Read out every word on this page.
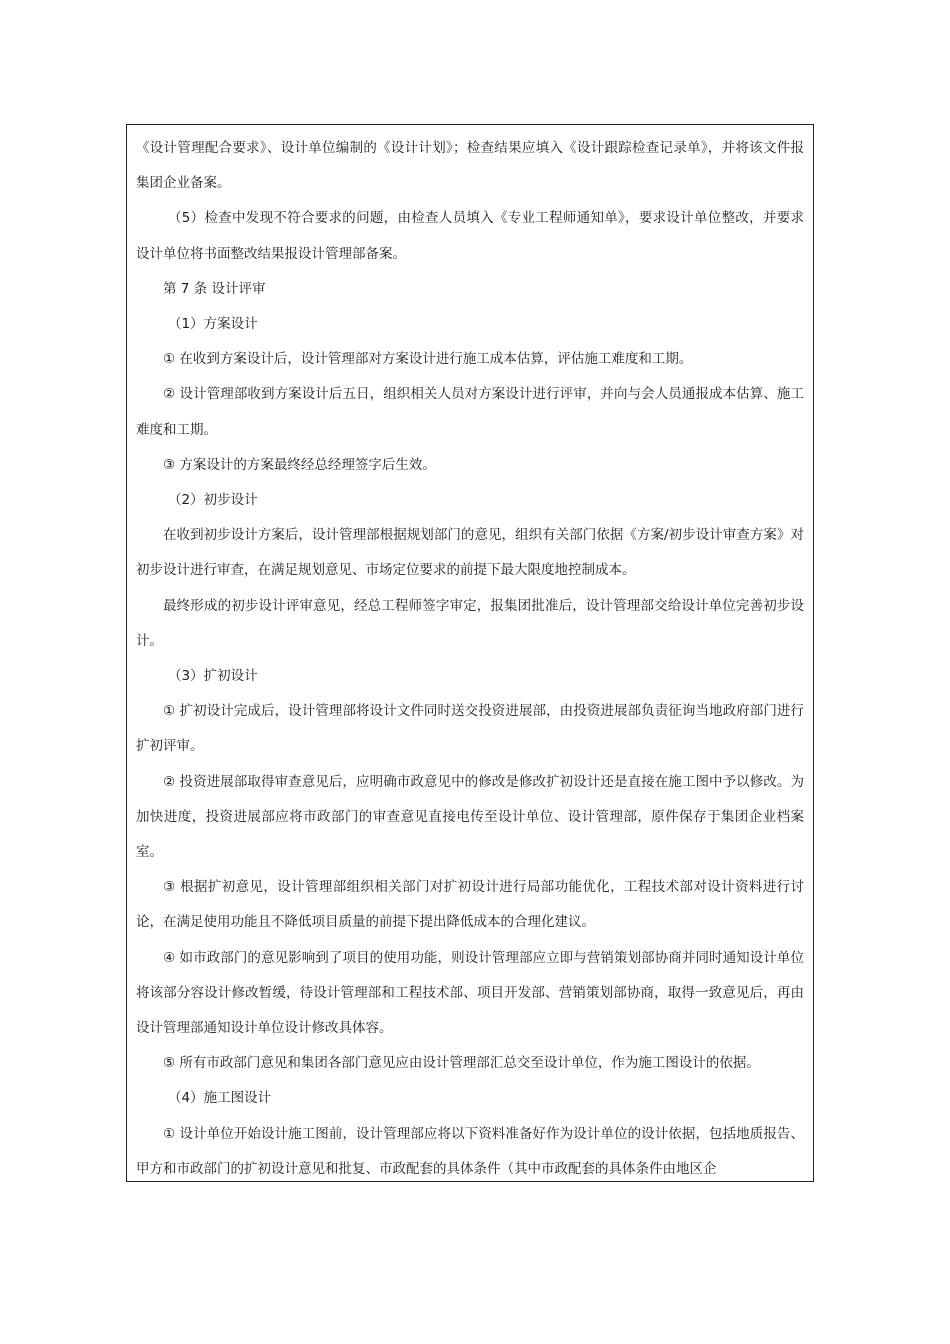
《设计管理配合要求》、设计单位编制的《设计计划》；检查结果应填入《设计跟踪检查记录单》，并将该文件报集团企业备案。

（5）检查中发现不符合要求的问题，由检查人员填入《专业工程师通知单》，要求设计单位整改，并要求设计单位将书面整改结果报设计管理部备案。

第 7 条 设计评审

（1）方案设计

① 在收到方案设计后，设计管理部对方案设计进行施工成本估算，评估施工难度和工期。

② 设计管理部收到方案设计后五日，组织相关人员对方案设计进行评审，并向与会人员通报成本估算、施工难度和工期。

③ 方案设计的方案最终经总经理签字后生效。

（2）初步设计

在收到初步设计方案后，设计管理部根据规划部门的意见，组织有关部门依据《方案/初步设计审查方案》对初步设计进行审查，在满足规划意见、市场定位要求的前提下最大限度地控制成本。

最终形成的初步设计评审意见，经总工程师签字审定，报集团批准后，设计管理部交给设计单位完善初步设计。

（3）扩初设计

① 扩初设计完成后，设计管理部将设计文件同时送交投资进展部，由投资进展部负责征询当地政府部门进行扩初评审。

② 投资进展部取得审查意见后，应明确市政意见中的修改是修改扩初设计还是直接在施工图中予以修改。为加快进度，投资进展部应将市政部门的审查意见直接电传至设计单位、设计管理部，原件保存于集团企业档案室。

③ 根据扩初意见，设计管理部组织相关部门对扩初设计进行局部功能优化，工程技术部对设计资料进行讨论，在满足使用功能且不降低项目质量的前提下提出降低成本的合理化建议。

④ 如市政部门的意见影响到了项目的使用功能，则设计管理部应立即与营销策划部协商并同时通知设计单位将该部分容设计修改暂缓，待设计管理部和工程技术部、项目开发部、营销策划部协商，取得一致意见后，再由设计管理部通知设计单位设计修改具体容。

⑤ 所有市政部门意见和集团各部门意见应由设计管理部汇总交至设计单位，作为施工图设计的依据。

（4）施工图设计

① 设计单位开始设计施工图前，设计管理部应将以下资料准备好作为设计单位的设计依据，包括地质报告、甲方和市政部门的扩初设计意见和批复、市政配套的具体条件（其中市政配套的具体条件由地区企
